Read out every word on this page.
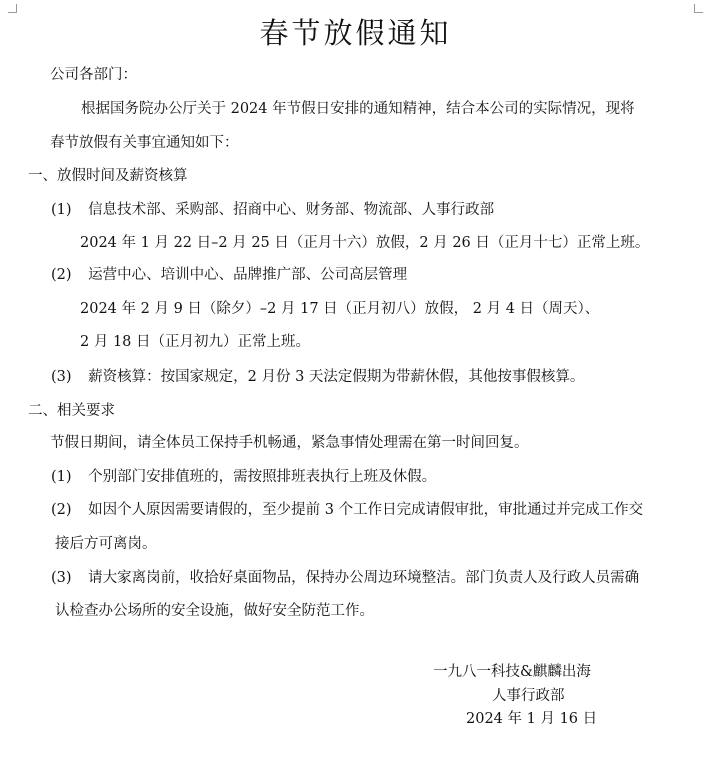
春节放假通知
公司各部门：
根据国务院办公厅关于 2024 年节假日安排的通知精神，结合本公司的实际情况，现将
春节放假有关事宜通知如下：
一、放假时间及薪资核算
(1) 信息技术部、采购部、招商中心、财务部、物流部、人事行政部
2024 年 1 月 22 日–2 月 25 日（正月十六）放假，2 月 26 日（正月十七）正常上班。
(2) 运营中心、培训中心、品牌推广部、公司高层管理
2024 年 2 月 9 日（除夕）–2 月 17 日（正月初八）放假， 2 月 4 日（周天）、
2 月 18 日（正月初九）正常上班。
(3) 薪资核算：按国家规定，2 月份 3 天法定假期为带薪休假，其他按事假核算。
二、相关要求
节假日期间，请全体员工保持手机畅通，紧急事情处理需在第一时间回复。
(1) 个别部门安排值班的，需按照排班表执行上班及休假。
(2) 如因个人原因需要请假的，至少提前 3 个工作日完成请假审批，审批通过并完成工作交
接后方可离岗。
(3) 请大家离岗前，收拾好桌面物品，保持办公周边环境整洁。部门负责人及行政人员需确
认检查办公场所的安全设施，做好安全防范工作。
一九八一科技&麒麟出海
人事行政部
2024 年 1 月 16 日
